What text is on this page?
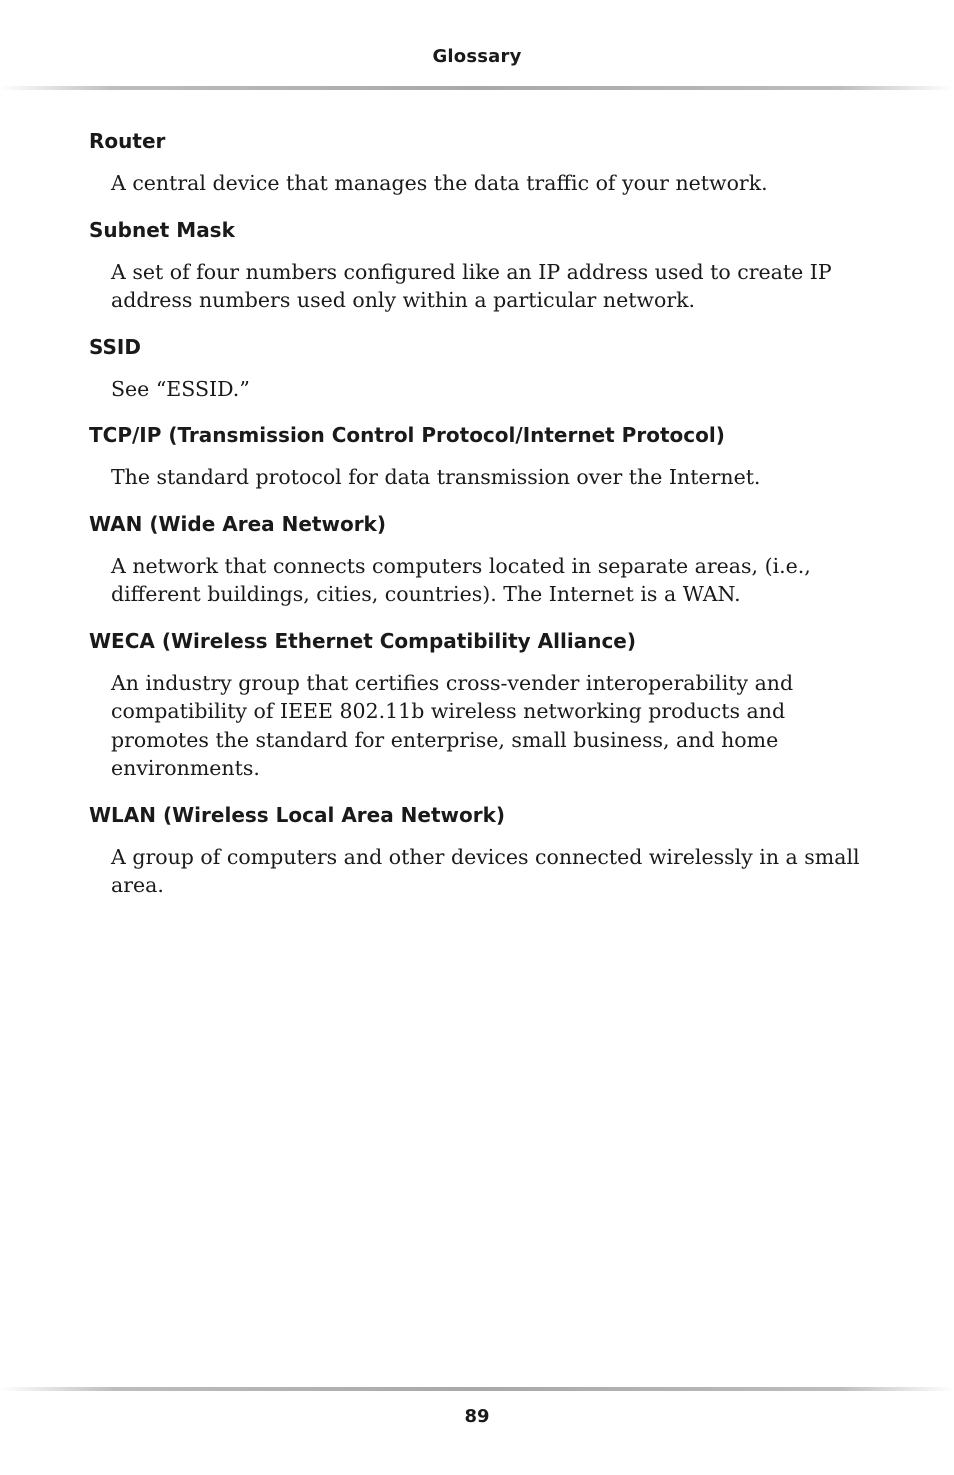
Glossary
Router

A central device that manages the data traffic of your network.

Subnet Mask

A set of four numbers configured like an IP address used to create IP address numbers used only within a particular network.

SSID

See “ESSID.”

TCP/IP (Transmission Control Protocol/Internet Protocol)

The standard protocol for data transmission over the Internet.

WAN (Wide Area Network)

A network that connects computers located in separate areas, (i.e., different buildings, cities, countries). The Internet is a WAN.

WECA (Wireless Ethernet Compatibility Alliance)

An industry group that certifies cross-vender interoperability and compatibility of IEEE 802.11b wireless networking products and promotes the standard for enterprise, small business, and home environments.

WLAN (Wireless Local Area Network)

A group of computers and other devices connected wirelessly in a small area.

89
